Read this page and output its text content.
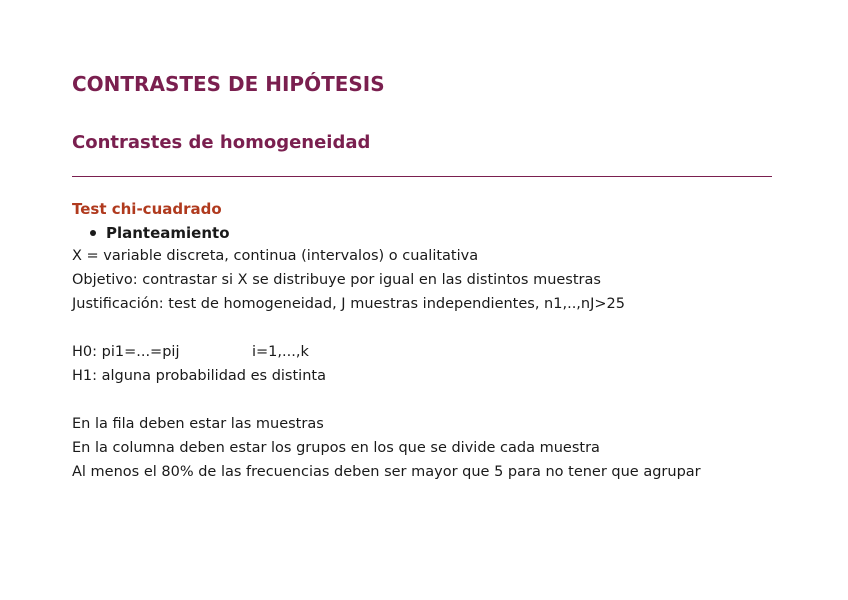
CONTRASTES DE HIPÓTESIS
Contrastes de homogeneidad
Test chi-cuadrado
Planteamiento
X = variable discreta, continua (intervalos) o cualitativa
Objetivo: contrastar si X se distribuye por igual en las distintos muestras
Justificación: test de homogeneidad, J muestras independientes, n1,..,nJ>25
H0: pi1=...=pij	i=1,...,k
H1: alguna probabilidad es distinta
En la fila deben estar las muestras
En la columna deben estar los grupos en los que se divide cada muestra
Al menos el 80% de las frecuencias deben ser mayor que 5 para no tener que agrupar
